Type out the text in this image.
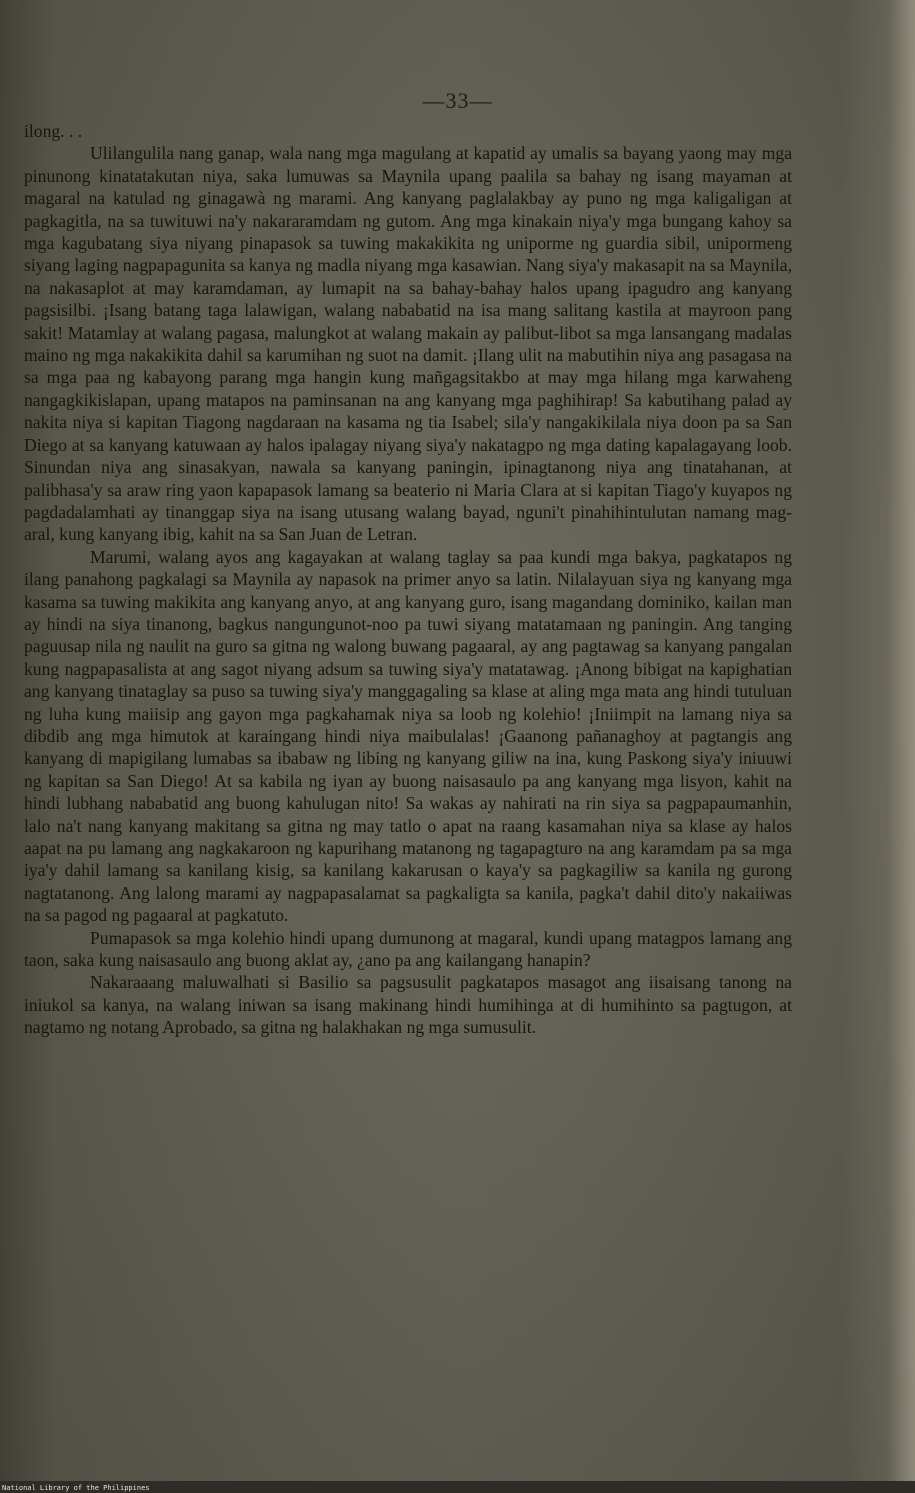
—33—

ilong. . .

Ulilangulila nang ganap, wala nang mga magulang at kapatid ay umalis sa bayang yaong may mga pinunong kinatatakutan niya, saka lumuwas sa Maynila upang paalila sa bahay ng isang mayaman at magaral na katulad ng ginagawà ng marami. Ang kanyang paglalakbay ay puno ng mga kaligaligan at pagkagitla, na sa tuwituwi na'y nakararamdam ng gutom. Ang mga kinakain niya'y mga bungang kahoy sa mga kagubatang siya niyang pinapasok sa tuwing makakikita ng uniporme ng guardia sibil, unipormeng siyang laging nagpapagunita sa kanya ng madla niyang mga kasawian. Nang siya'y makasapit na sa Maynila, na nakasaplot at may karamdaman, ay lumapit na sa bahay-bahay halos upang ipagudro ang kanyang pagsisilbi. ¡Isang batang taga lalawigan, walang nababatid na isa mang salitang kastila at mayroon pang sakit! Matamlay at walang pagasa, malungkot at walang makain ay palibut-libot sa mga lansangang madalas maino ng mga nakakikita dahil sa karumihan ng suot na damit. ¡Ilang ulit na mabutihin niya ang pasagasa na sa mga paa ng kabayong parang mga hangin kung mañgagsitakbo at may mga hilang mga karwaheng nangagkikislapan, upang matapos na paminsanan na ang kanyang mga paghihirap! Sa kabutihang palad ay nakita niya si kapitan Tiagong nagdaraan na kasama ng tia Isabel; sila'y nangakikilala niya doon pa sa San Diego at sa kanyang katuwaan ay halos ipalagay niyang siya'y nakatagpo ng mga dating kapalagayang loob. Sinundan niya ang sinasakyan, nawala sa kanyang paningin, ipinagtanong niya ang tinatahanan, at palibhasa'y sa araw ring yaon kapapasok lamang sa beaterio ni Maria Clara at si kapitan Tiago'y kuyapos ng pagdadalamhati ay tinanggap siya na isang utusang walang bayad, nguni't pinahihintulutan namang mag-aral, kung kanyang ibig, kahit na sa San Juan de Letran.

Marumi, walang ayos ang kagayakan at walang taglay sa paa kundi mga bakya, pagkatapos ng ilang panahong pagkalagi sa Maynila ay napasok na primer anyo sa latin. Nilalayuan siya ng kanyang mga kasama sa tuwing makikita ang kanyang anyo, at ang kanyang guro, isang magandang dominiko, kailan man ay hindi na siya tinanong, bagkus nangungunot-noo pa tuwi siyang matatamaan ng paningin. Ang tanging paguusap nila ng naulit na guro sa gitna ng walong buwang pagaaral, ay ang pagtawag sa kanyang pangalan kung nagpapasalista at ang sagot niyang adsum sa tuwing siya'y matatawag. ¡Anong bibigat na kapighatian ang kanyang tinataglay sa puso sa tuwing siya'y manggagaling sa klase at aling mga mata ang hindi tutuluan ng luha kung maiisip ang gayon mga pagkahamak niya sa loob ng kolehio! ¡Iniimpit na lamang niya sa dibdib ang mga himutok at karaingang hindi niya maibulalas! ¡Gaanong pañanaghoy at pagtangis ang kanyang di mapigilang lumabas sa ibabaw ng libing ng kanyang giliw na ina, kung Paskong siya'y iniuuwi ng kapitan sa San Diego! At sa kabila ng iyan ay buong naisasaulo pa ang kanyang mga lisyon, kahit na hindi lubhang nababatid ang buong kahulugan nito! Sa wakas ay nahirati na rin siya sa pagpapaumanhin, lalo na't nang kanyang makitang sa gitna ng may tatlo o apat na raang kasamahan niya sa klase ay halos aapat na pu lamang ang nagkakaroon ng kapurihang matanong ng tagapagturo na ang karamdam pa sa mga iya'y dahil lamang sa kanilang kisig, sa kanilang kakarusan o kaya'y sa pagkagiliw sa kanila ng gurong nagtatanong. Ang lalong marami ay nagpapasalamat sa pagkaligta sa kanila, pagka't dahil dito'y nakaiiwas na sa pagod ng pagaaral at pagkatuto.

Pumapasok sa mga kolehio hindi upang dumunong at magaral, kundi upang matagpos lamang ang taon, saka kung naisasaulo ang buong aklat ay, ¿ano pa ang kailangang hanapin?

Nakaraaang maluwalhati si Basilio sa pagsusulit pagkatapos masagot ang iisaisang tanong na iniukol sa kanya, na walang iniwan sa isang makinang hindi humihinga at di humihinto sa pagtugon, at nagtamo ng notang Aprobado, sa gitna ng halakhakan ng mga sumusulit.

National Library of the Philippines
